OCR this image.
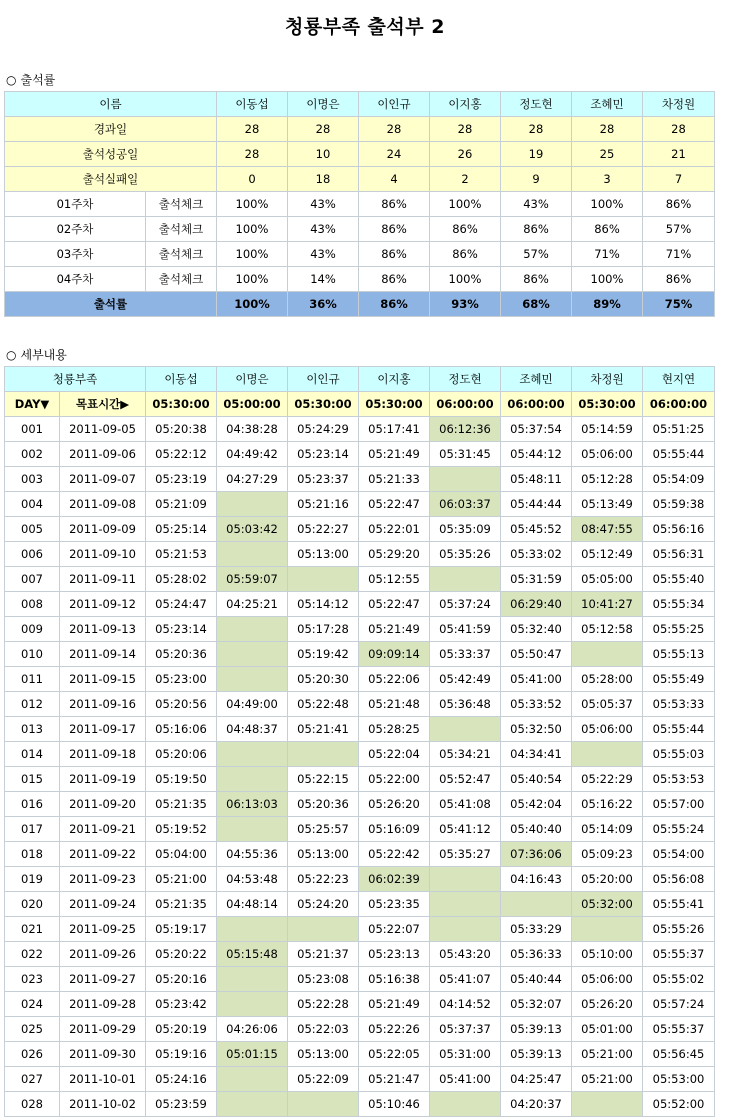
청룡부족 출석부 2
○ 출석률
이름		이동섭	이명은	이인규	이지홍	정도현	조혜민	차정원	
경과일		28	28	28	28	28	28	28	
출석성공일		28	10	24	26	19	25	21	
출석실패일		0	18	4	2	9	3	7	
01주차	출석체크	100%	43%	86%	100%	43%	100%	86%	
02주차	출석체크	100%	43%	86%	86%	86%	86%	57%	
03주차	출석체크	100%	43%	86%	86%	57%	71%	71%	
04주차	출석체크	100%	14%	86%	100%	86%	100%	86%	
출석률		100%	36%	86%	93%	68%	89%	75%	
○ 세부내용
청룡부족		이동섭	이명은	이인규	이지홍	정도현	조혜민	차정원	현지연
DAY▼	목표시간▶	05:30:00	05:00:00	05:30:00	05:30:00	06:00:00	06:00:00	05:30:00	06:00:00
001	2011-09-05	05:20:38	04:38:28	05:24:29	05:17:41	06:12:36	05:37:54	05:14:59	05:51:25
002	2011-09-06	05:22:12	04:49:42	05:23:14	05:21:49	05:31:45	05:44:12	05:06:00	05:55:44
003	2011-09-07	05:23:19	04:27:29	05:23:37	05:21:33		05:48:11	05:12:28	05:54:09
004	2011-09-08	05:21:09		05:21:16	05:22:47	06:03:37	05:44:44	05:13:49	05:59:38
005	2011-09-09	05:25:14	05:03:42	05:22:27	05:22:01	05:35:09	05:45:52	08:47:55	05:56:16
006	2011-09-10	05:21:53		05:13:00	05:29:20	05:35:26	05:33:02	05:12:49	05:56:31
007	2011-09-11	05:28:02	05:59:07		05:12:55		05:31:59	05:05:00	05:55:40
008	2011-09-12	05:24:47	04:25:21	05:14:12	05:22:47	05:37:24	06:29:40	10:41:27	05:55:34
009	2011-09-13	05:23:14		05:17:28	05:21:49	05:41:59	05:32:40	05:12:58	05:55:25
010	2011-09-14	05:20:36		05:19:42	09:09:14	05:33:37	05:50:47		05:55:13
011	2011-09-15	05:23:00		05:20:30	05:22:06	05:42:49	05:41:00	05:28:00	05:55:49
012	2011-09-16	05:20:56	04:49:00	05:22:48	05:21:48	05:36:48	05:33:52	05:05:37	05:53:33
013	2011-09-17	05:16:06	04:48:37	05:21:41	05:28:25		05:32:50	05:06:00	05:55:44
014	2011-09-18	05:20:06			05:22:04	05:34:21	04:34:41		05:55:03
015	2011-09-19	05:19:50		05:22:15	05:22:00	05:52:47	05:40:54	05:22:29	05:53:53
016	2011-09-20	05:21:35	06:13:03	05:20:36	05:26:20	05:41:08	05:42:04	05:16:22	05:57:00
017	2011-09-21	05:19:52		05:25:57	05:16:09	05:41:12	05:40:40	05:14:09	05:55:24
018	2011-09-22	05:04:00	04:55:36	05:13:00	05:22:42	05:35:27	07:36:06	05:09:23	05:54:00
019	2011-09-23	05:21:00	04:53:48	05:22:23	06:02:39		04:16:43	05:20:00	05:56:08
020	2011-09-24	05:21:35	04:48:14	05:24:20	05:23:35			05:32:00	05:55:41
021	2011-09-25	05:19:17			05:22:07		05:33:29		05:55:26
022	2011-09-26	05:20:22	05:15:48	05:21:37	05:23:13	05:43:20	05:36:33	05:10:00	05:55:37
023	2011-09-27	05:20:16		05:23:08	05:16:38	05:41:07	05:40:44	05:06:00	05:55:02
024	2011-09-28	05:23:42		05:22:28	05:21:49	04:14:52	05:32:07	05:26:20	05:57:24
025	2011-09-29	05:20:19	04:26:06	05:22:03	05:22:26	05:37:37	05:39:13	05:01:00	05:55:37
026	2011-09-30	05:19:16	05:01:15	05:13:00	05:22:05	05:31:00	05:39:13	05:21:00	05:56:45
027	2011-10-01	05:24:16		05:22:09	05:21:47	05:41:00	04:25:47	05:21:00	05:53:00
028	2011-10-02	05:23:59			05:10:46		04:20:37		05:52:00
